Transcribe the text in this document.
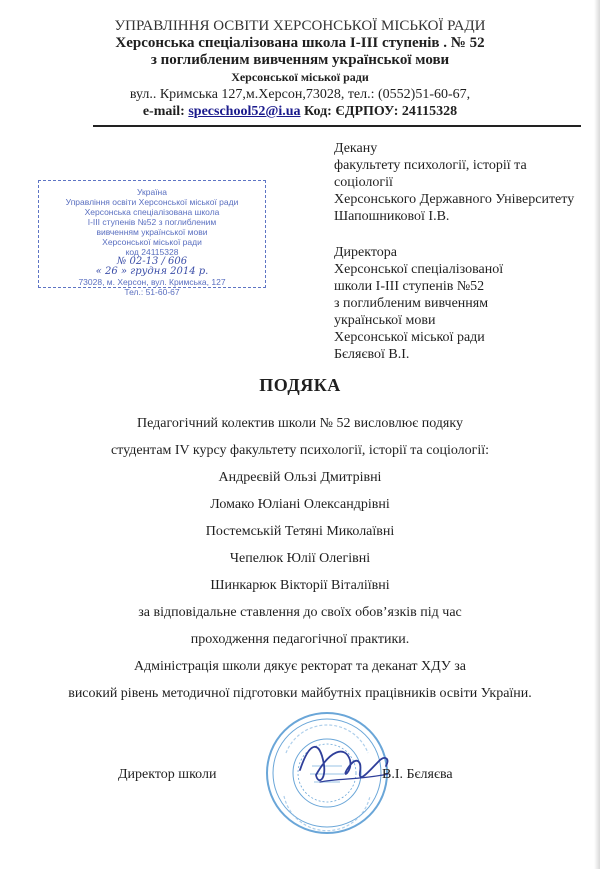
УПРАВЛІННЯ ОСВІТИ ХЕРСОНСЬКОЇ МІСЬКОЇ РАДИ
Херсонська спеціалізована школа І-ІІІ ступенів . № 52
з поглибленим вивченням української мови
Херсонської міської ради
вул.. Кримська 127,м.Херсон,73028, тел.: (0552)51-60-67,
e-mail: specschool52@i.ua Код: ЄДРПОУ: 24115328
Україна
Управління освіти Херсонської міської ради
Херсонська спеціалізована школа
І-ІІІ ступенів №52 з поглибленим
вивченням української мови
Херсонської міської ради
код 24115328
№ 02-13 / 606
« 26 » грудня 2014 р.
73028, м. Херсон, вул. Кримська, 127
Тел.: 51-60-67
Декану
факультету психології, історії та
соціології
Херсонського Державного Університету
Шапошникової І.В.
Директора
Херсонської спеціалізованої
школи І-ІІІ ступенів №52
з поглибленим вивченням
української мови
Херсонської міської ради
Бєляєвої В.І.
ПОДЯКА
Педагогічний колектив школи № 52 висловлює подяку
студентам IV курсу факультету психології, історії та соціології:
Андреєвій Ользі Дмитрівні
Ломако Юліані Олександрівні
Постемській Тетяні Миколаївні
Чепелюк Юлії Олегівні
Шинкарюк Вікторії Віталіївні
за відповідальне ставлення до своїх обов’язків під час
проходження педагогічної практики.
Адміністрація школи дякує ректорат та деканат ХДУ за
високий рівень методичної підготовки майбутніх працівників освіти України.
Директор школи	В.І. Бєляєва
